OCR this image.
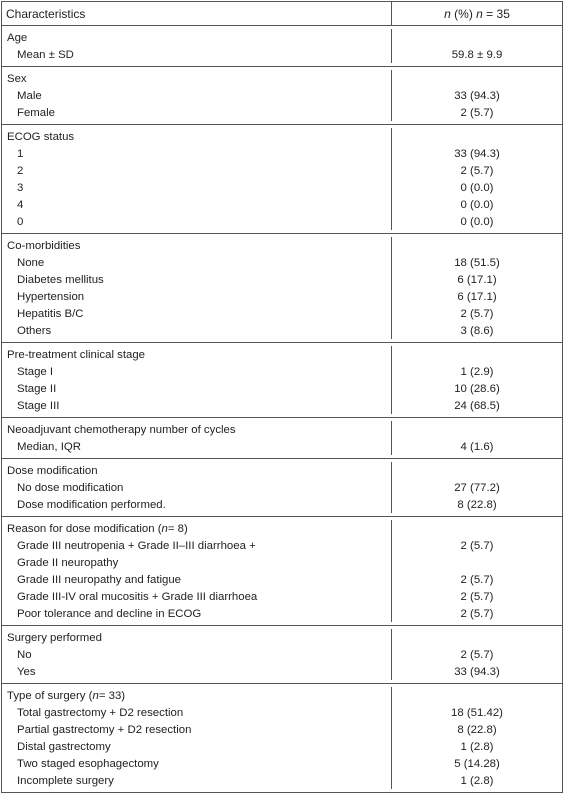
Characteristics	n (%) n = 35
Age
Mean ± SD	59.8 ± 9.9
Sex
Male	33 (94.3)
Female	2 (5.7)
ECOG status
1	33 (94.3)
2	2 (5.7)
3	0 (0.0)
4	0 (0.0)
0	0 (0.0)
Co-morbidities
None	18 (51.5)
Diabetes mellitus	6 (17.1)
Hypertension	6 (17.1)
Hepatitis B/C	2 (5.7)
Others	3 (8.6)
Pre-treatment clinical stage
Stage I	1 (2.9)
Stage II	10 (28.6)
Stage III	24 (68.5)
Neoadjuvant chemotherapy number of cycles
Median, IQR	4 (1.6)
Dose modification
No dose modification	27 (77.2)
Dose modification performed.	8 (22.8)
Reason for dose modification ( n = 8)
Grade III neutropenia + Grade II–III diarrhoea +	2 (5.7)
Grade II neuropathy
Grade III neuropathy and fatigue	2 (5.7)
Grade III-IV oral mucositis + Grade III diarrhoea	2 (5.7)
Poor tolerance and decline in ECOG	2 (5.7)
Surgery performed
No	2 (5.7)
Yes	33 (94.3)
Type of surgery ( n = 33)
Total gastrectomy + D2 resection	18 (51.42)
Partial gastrectomy + D2 resection	8 (22.8)
Distal gastrectomy	1 (2.8)
Two staged esophagectomy	5 (14.28)
Incomplete surgery	1 (2.8)
